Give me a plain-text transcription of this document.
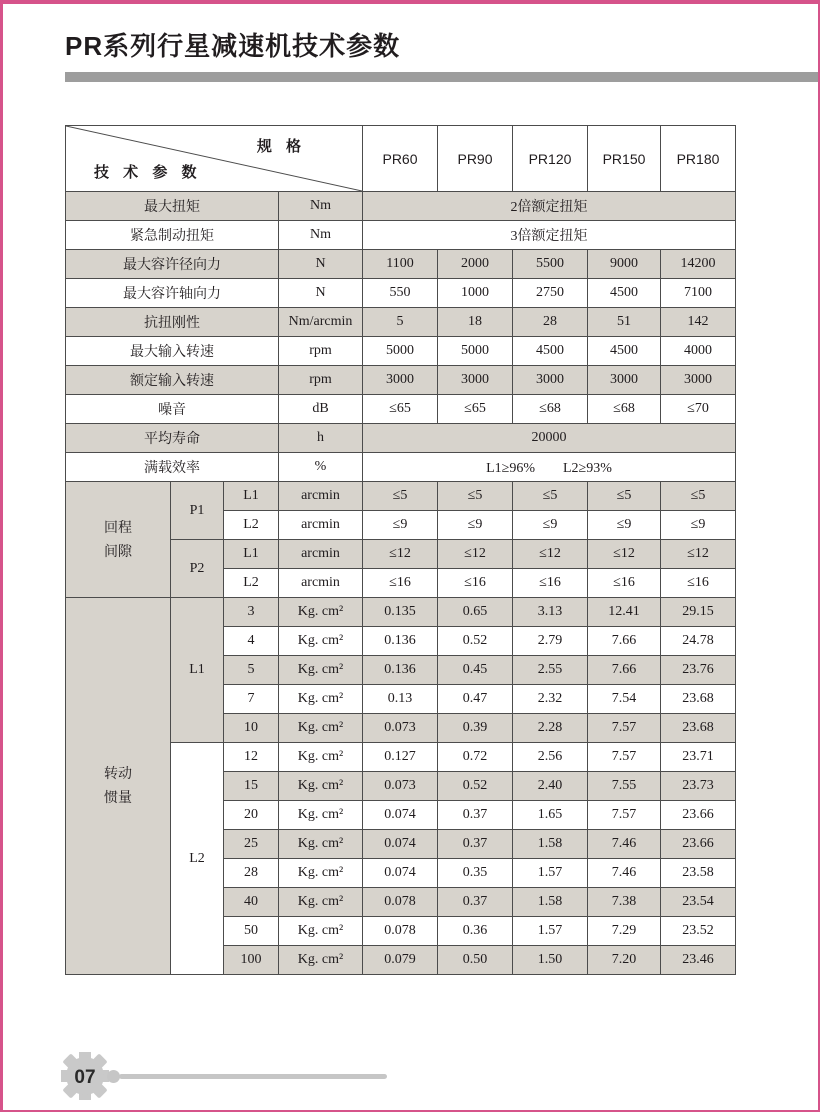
PR系列行星减速机技术参数
规 格
技 术 参 数				PR60	PR90	PR120	PR150	PR180
最大扭矩			Nm	2倍额定扭矩				
紧急制动扭矩			Nm	3倍额定扭矩				
最大容许径向力			N	1100	2000	5500	9000	14200
最大容许轴向力			N	550	1000	2750	4500	7100
抗扭刚性			Nm/arcmin	5	18	28	51	142
最大输入转速			rpm	5000	5000	4500	4500	4000
额定输入转速			rpm	3000	3000	3000	3000	3000
噪音			dB	≤65	≤65	≤68	≤68	≤70
平均寿命			h	20000				
满载效率			%	L1≥96%　　L2≥93%				
回程间隙	P1	L1	arcmin	≤5	≤5	≤5	≤5	≤5
		L2	arcmin	≤9	≤9	≤9	≤9	≤9
	P2	L1	arcmin	≤12	≤12	≤12	≤12	≤12
		L2	arcmin	≤16	≤16	≤16	≤16	≤16
转动惯量	L1	3	Kg. cm²	0.135	0.65	3.13	12.41	29.15
		4	Kg. cm²	0.136	0.52	2.79	7.66	24.78
		5	Kg. cm²	0.136	0.45	2.55	7.66	23.76
		7	Kg. cm²	0.13	0.47	2.32	7.54	23.68
		10	Kg. cm²	0.073	0.39	2.28	7.57	23.68
	L2	12	Kg. cm²	0.127	0.72	2.56	7.57	23.71
		15	Kg. cm²	0.073	0.52	2.40	7.55	23.73
		20	Kg. cm²	0.074	0.37	1.65	7.57	23.66
		25	Kg. cm²	0.074	0.37	1.58	7.46	23.66
		28	Kg. cm²	0.074	0.35	1.57	7.46	23.58
		40	Kg. cm²	0.078	0.37	1.58	7.38	23.54
		50	Kg. cm²	0.078	0.36	1.57	7.29	23.52
		100	Kg. cm²	0.079	0.50	1.50	7.20	23.46
07
